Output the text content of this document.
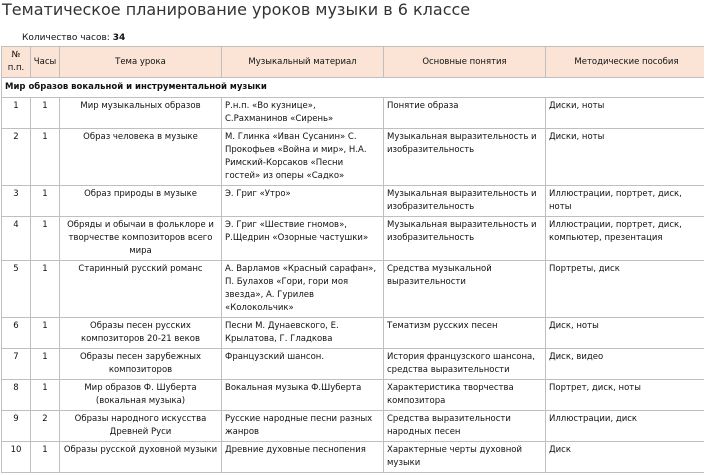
Тематическое планирование уроков музыки в 6 классе
Количество часов: 34
№ п.п.	Часы	Тема урока	Музыкальный материал	Основные понятия	Методические пособия
Мир образов вокальной и инструментальной музыки					
1	1	Мир музыкальных образов	Р.н.п. «Во кузнице», С.Рахманинов «Сирень»	Понятие образа	Диски, ноты
2	1	Образ человека в музыке	М. Глинка «Иван Сусанин» С. Прокофьев «Война и мир», Н.А. Римский-Корсаков «Песни гостей» из оперы «Садко»	Музыкальная выразительность и изобразительность	Диски, ноты
3	1	Образ природы в музыке	Э. Григ «Утро»	Музыкальная выразительность и изобразительность	Иллюстрации, портрет, диск, ноты
4	1	Обряды и обычаи в фольклоре и творчестве композиторов всего мира	Э. Григ «Шествие гномов», Р.Щедрин «Озорные частушки»	Музыкальная выразительность и изобразительность	Иллюстрации, портрет, диск, компьютер, презентация
5	1	Старинный русский романс	А. Варламов «Красный сарафан», П. Булахов «Гори, гори моя звезда», А. Гурилев «Колокольчик»	Средства музыкальной выразительности	Портреты, диск
6	1	Образы песен русских композиторов 20-21 веков	Песни М. Дунаевского, Е. Крылатова, Г. Гладкова	Тематизм русских песен	Диск, ноты
7	1	Образы песен зарубежных композиторов	Французский шансон.	История французского шансона, средства выразительности	Диск, видео
8	1	Мир образов Ф. Шуберта (вокальная музыка)	Вокальная музыка Ф.Шуберта	Характеристика творчества композитора	Портрет, диск, ноты
9	2	Образы народного искусства Древней Руси	Русские народные песни разных жанров	Средства выразительности народных песен	Иллюстрации, диск
10	1	Образы русской духовной музыки	Древние духовные песнопения	Характерные черты духовной музыки	Диск
